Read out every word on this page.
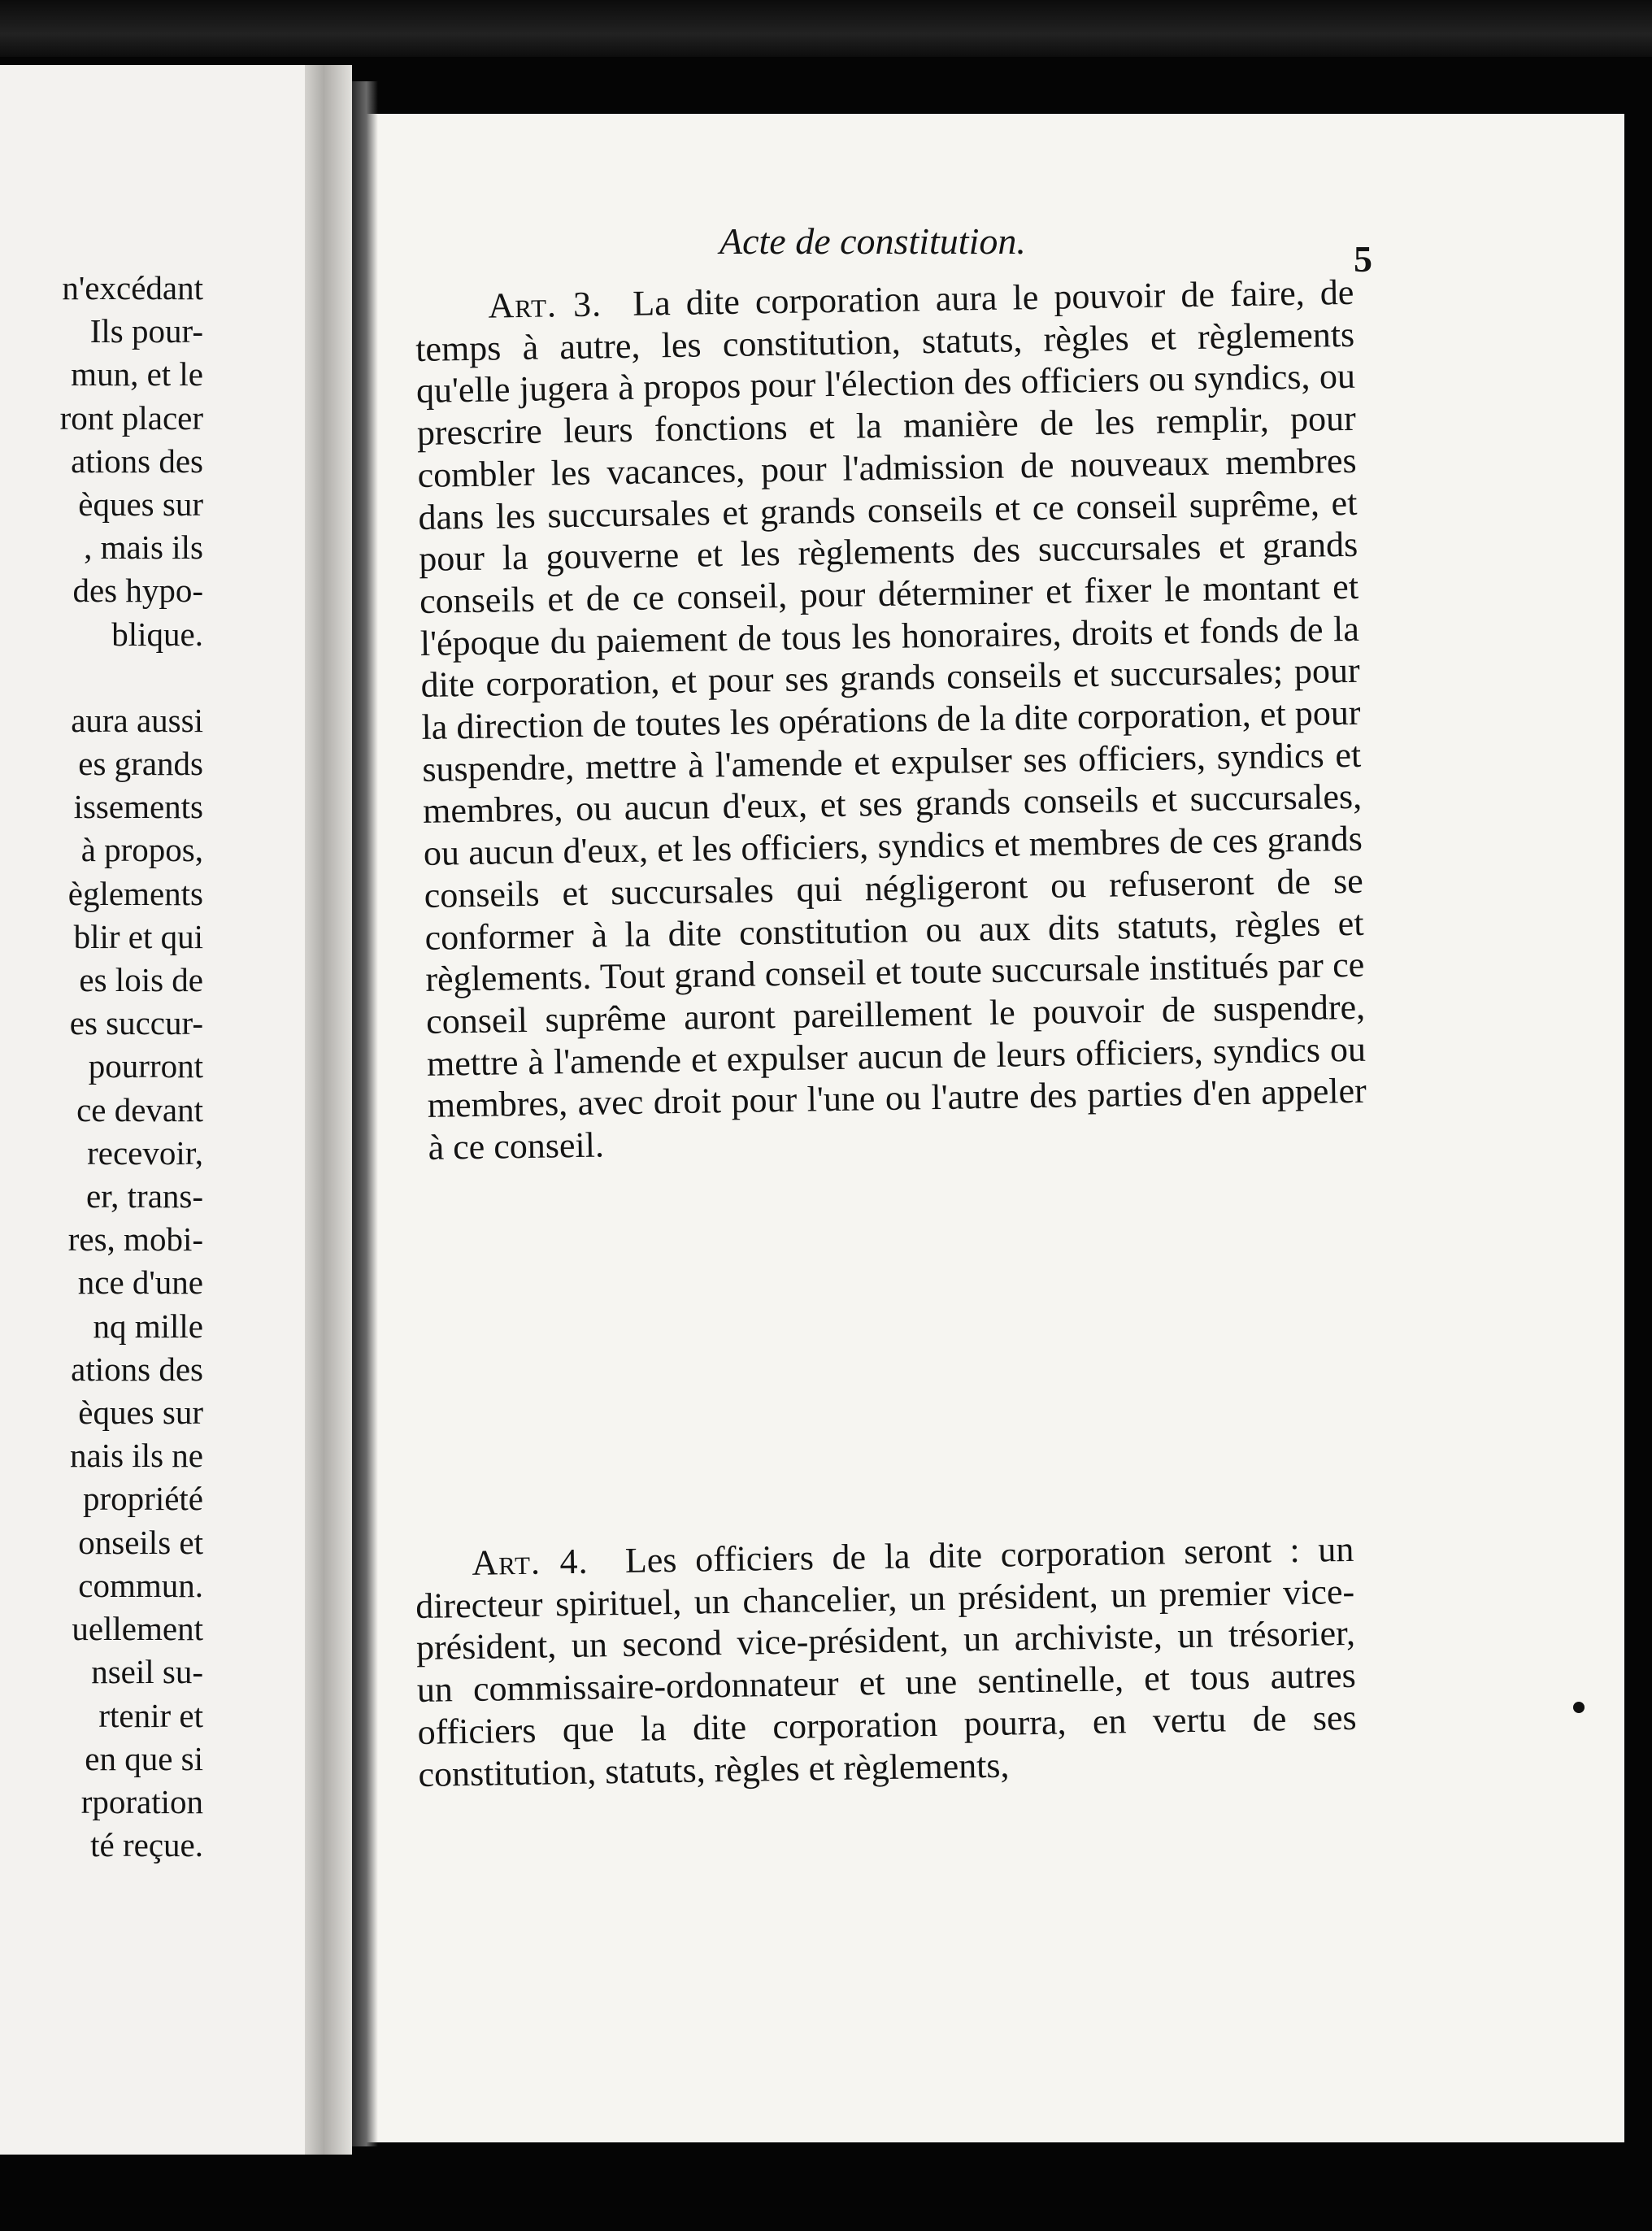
n'excédant
Ils pour-
mun, et le
ront placer
ations des
èques sur
, mais ils
des hypo-
blique.
aura aussi
es grands
issements
à propos,
èglements
blir et qui
es lois de
es succur-
pourront
ce devant
recevoir,
er, trans-
res, mobi-
nce d'une
nq mille
ations des
èques sur
nais ils ne
propriété
onseils et
commun.
uellement
nseil su-
rtenir et
en que si
rporation
té reçue.
Acte de constitution.	5

Art. 3. La dite corporation aura le pouvoir de faire, de temps à autre, les constitution, statuts, règles et règlements qu'elle jugera à propos pour l'élection des officiers ou syndics, ou prescrire leurs fonctions et la manière de les remplir, pour combler les vacances, pour l'admission de nouveaux membres dans les succursales et grands conseils et ce conseil suprême, et pour la gouverne et les règlements des succursales et grands conseils et de ce conseil, pour déterminer et fixer le montant et l'époque du paiement de tous les honoraires, droits et fonds de la dite corporation, et pour ses grands conseils et succursales; pour la direction de toutes les opérations de la dite corporation, et pour suspendre, mettre à l'amende et expulser ses officiers, syndics et membres, ou aucun d'eux, et ses grands conseils et succursales, ou aucun d'eux, et les officiers, syndics et membres de ces grands conseils et succursales qui négligeront ou refuseront de se conformer à la dite constitution ou aux dits statuts, règles et règlements. Tout grand conseil et toute succursale institués par ce conseil suprême auront pareillement le pouvoir de suspendre, mettre à l'amende et expulser aucun de leurs officiers, syndics ou membres, avec droit pour l'une ou l'autre des parties d'en appeler à ce conseil.

Art. 4. Les officiers de la dite corporation seront : un directeur spirituel, un chancelier, un président, un premier vice-président, un second vice-président, un archiviste, un trésorier, un commissaire-ordonnateur et une sentinelle, et tous autres officiers que la dite corporation pourra, en vertu de ses constitution, statuts, règles et règlements,
